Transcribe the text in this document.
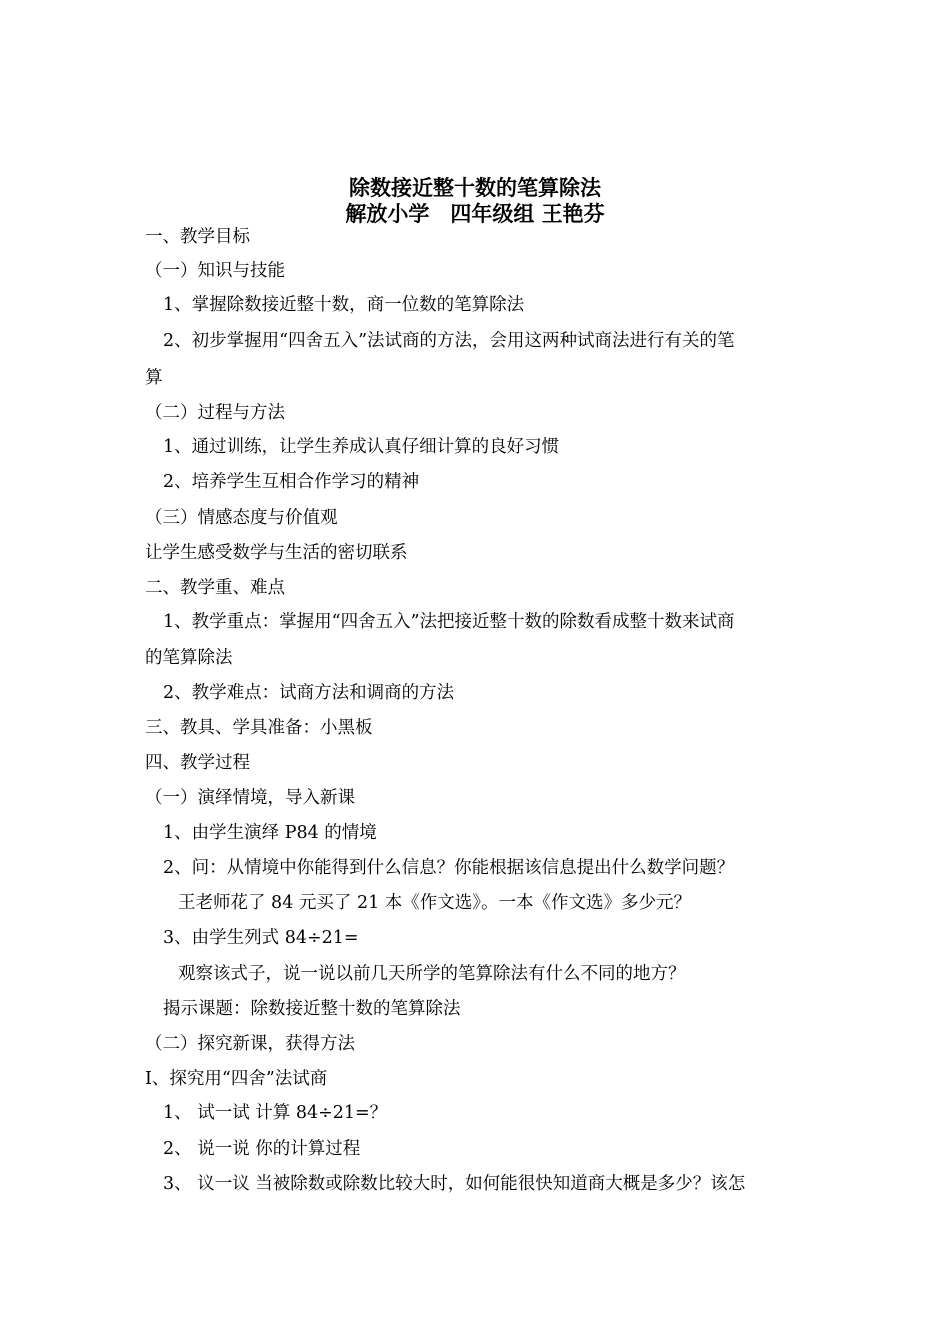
除数接近整十数的笔算除法
解放小学　四年级组 王艳芬
一、教学目标
（一）知识与技能
1、掌握除数接近整十数，商一位数的笔算除法
2、初步掌握用“四舍五入”法试商的方法，会用这两种试商法进行有关的笔
算
（二）过程与方法
1、通过训练，让学生养成认真仔细计算的良好习惯
2、培养学生互相合作学习的精神
（三）情感态度与价值观
让学生感受数学与生活的密切联系
二、教学重、难点
1、教学重点：掌握用“四舍五入”法把接近整十数的除数看成整十数来试商
的笔算除法
2、教学难点：试商方法和调商的方法
三、教具、学具准备：小黑板
四、教学过程
（一）演绎情境，导入新课
1、由学生演绎 P84 的情境
2、问：从情境中你能得到什么信息？你能根据该信息提出什么数学问题？
王老师花了 84 元买了 21 本《作文选》。一本《作文选》多少元？
3、由学生列式 84÷21=
观察该式子，说一说以前几天所学的笔算除法有什么不同的地方？
揭示课题：除数接近整十数的笔算除法
（二）探究新课，获得方法
Ⅰ、探究用“四舍”法试商
1、 试一试 计算 84÷21=？
2、 说一说 你的计算过程
3、 议一议 当被除数或除数比较大时，如何能很快知道商大概是多少？该怎
